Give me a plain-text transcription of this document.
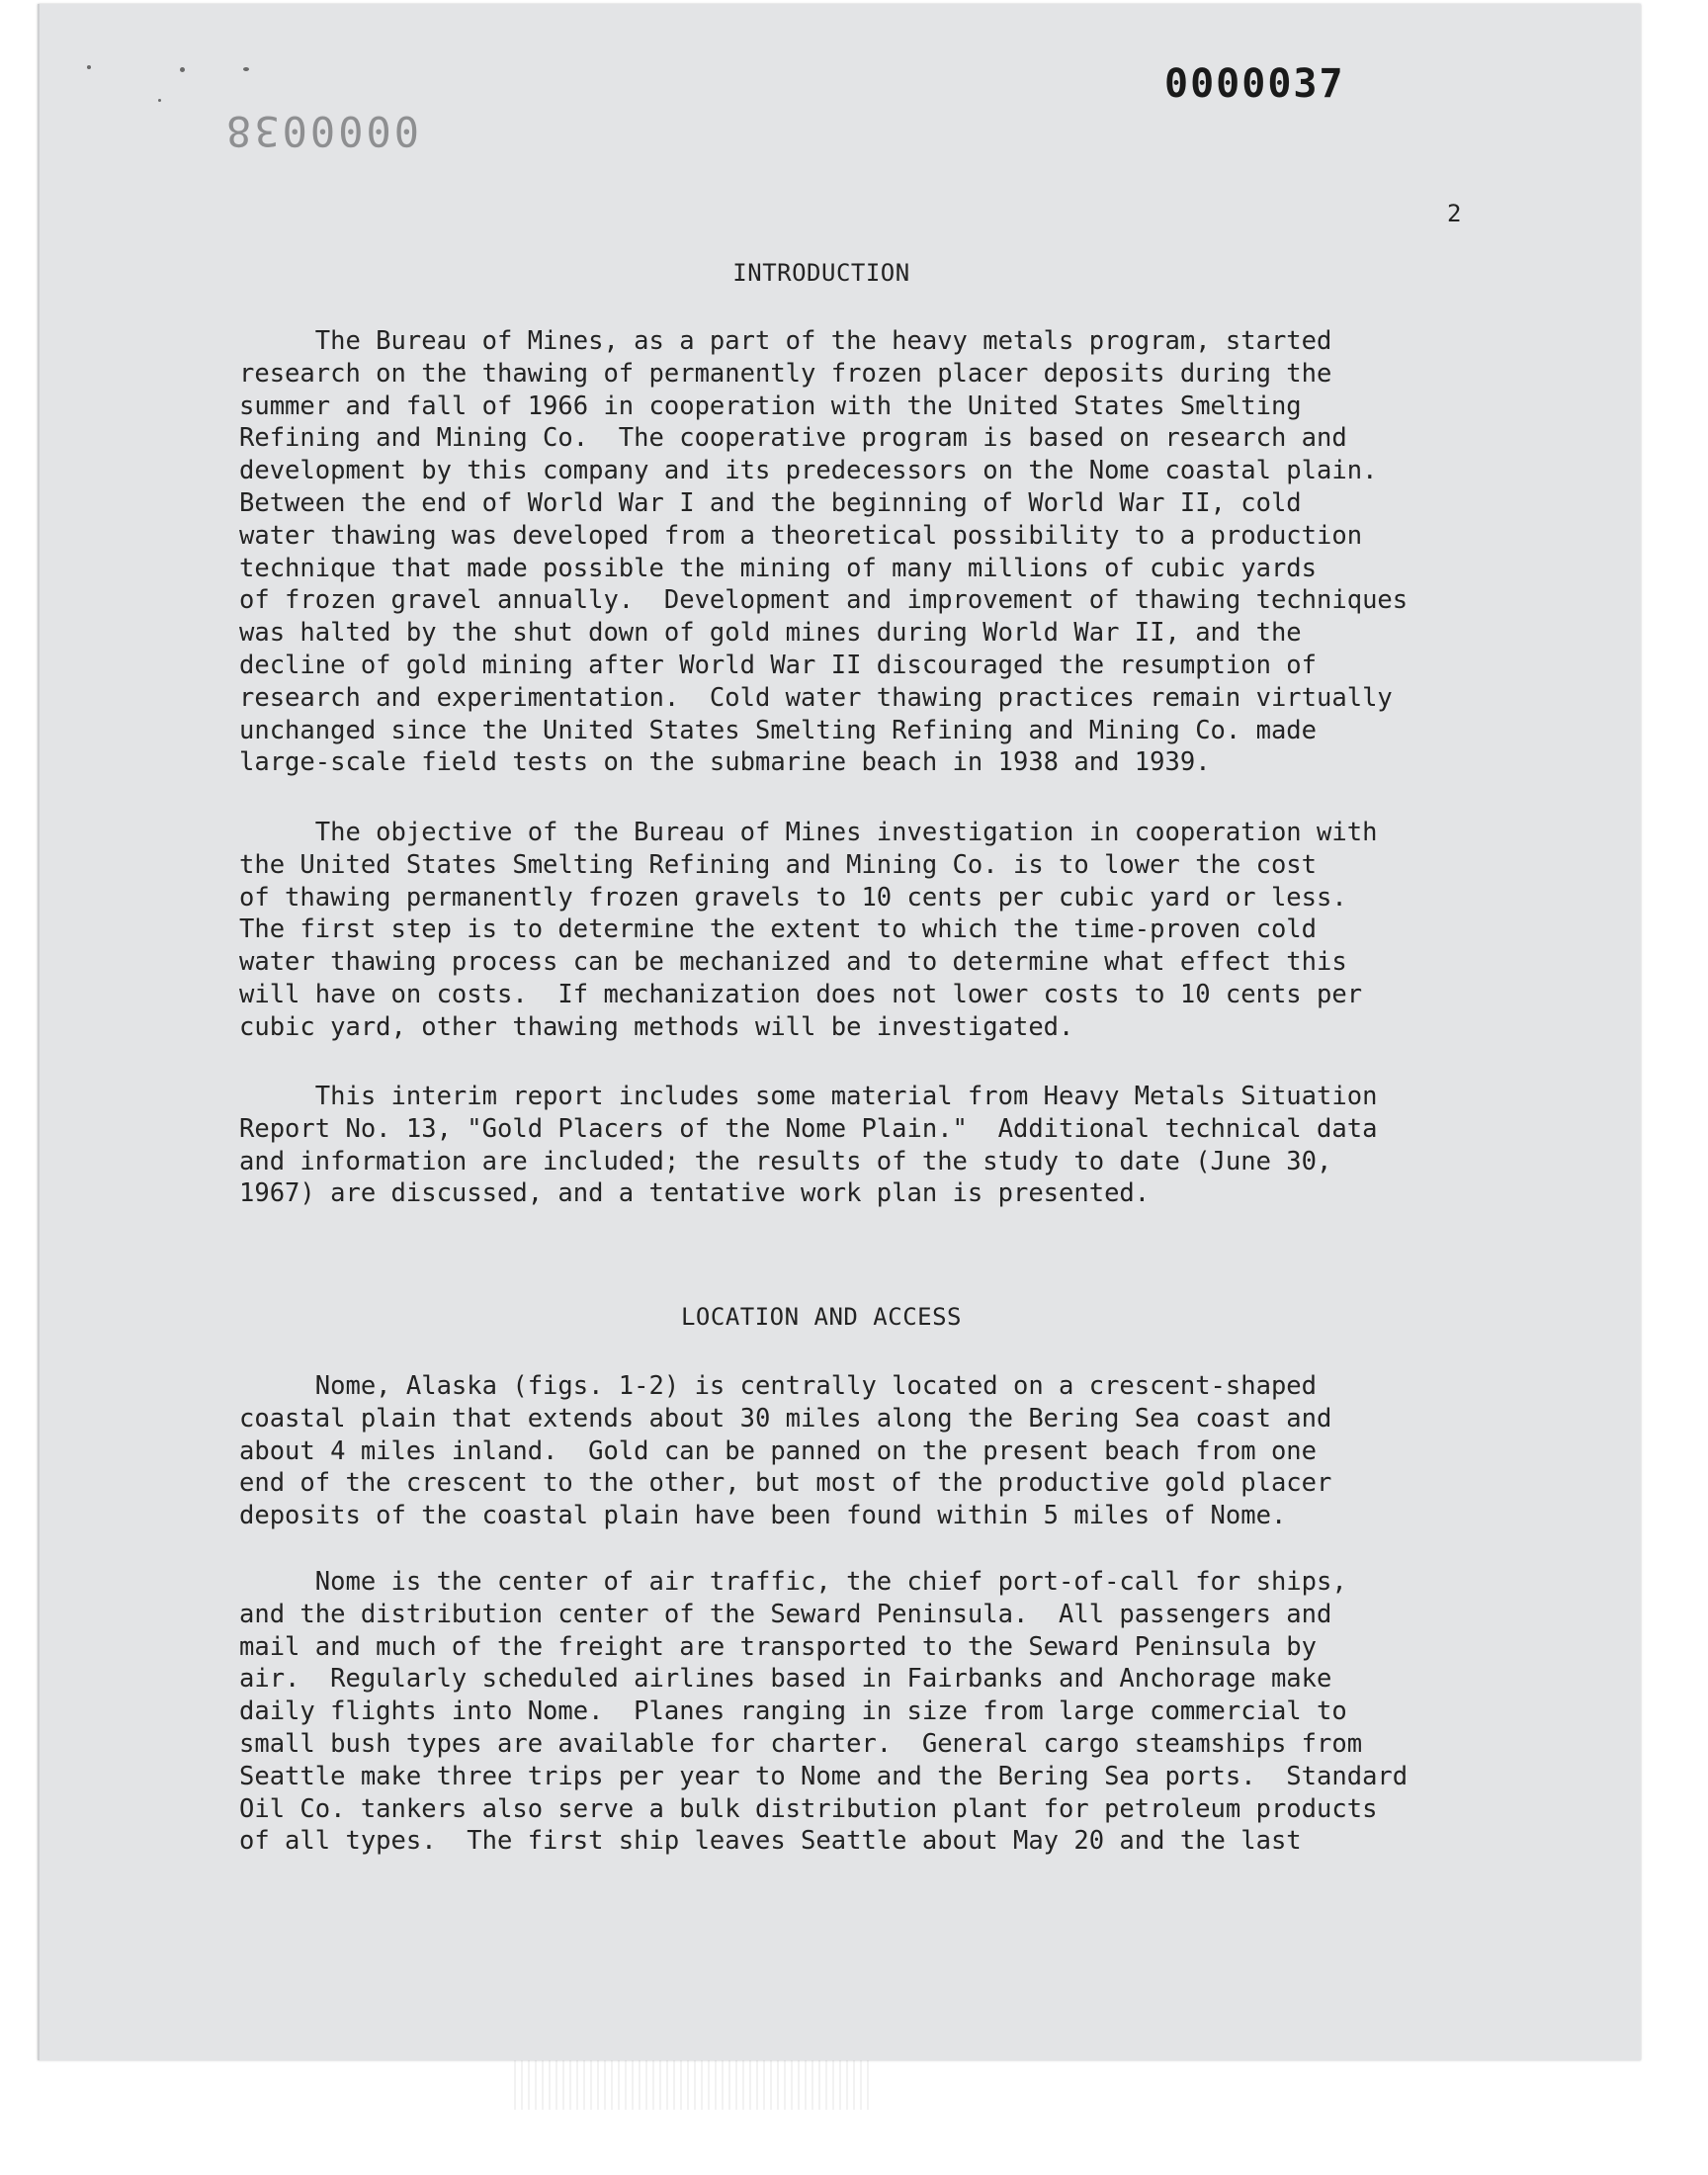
0000037
0000038
2
INTRODUCTION

The Bureau of Mines, as a part of the heavy metals program, started
research on the thawing of permanently frozen placer deposits during the
summer and fall of 1966 in cooperation with the United States Smelting
Refining and Mining Co.  The cooperative program is based on research and
development by this company and its predecessors on the Nome coastal plain.
Between the end of World War I and the beginning of World War II, cold
water thawing was developed from a theoretical possibility to a production
technique that made possible the mining of many millions of cubic yards
of frozen gravel annually.  Development and improvement of thawing techniques
was halted by the shut down of gold mines during World War II, and the
decline of gold mining after World War II discouraged the resumption of
research and experimentation.  Cold water thawing practices remain virtually
unchanged since the United States Smelting Refining and Mining Co. made
large-scale field tests on the submarine beach in 1938 and 1939.

The objective of the Bureau of Mines investigation in cooperation with
the United States Smelting Refining and Mining Co. is to lower the cost
of thawing permanently frozen gravels to 10 cents per cubic yard or less.
The first step is to determine the extent to which the time-proven cold
water thawing process can be mechanized and to determine what effect this
will have on costs.  If mechanization does not lower costs to 10 cents per
cubic yard, other thawing methods will be investigated.

This interim report includes some material from Heavy Metals Situation
Report No. 13, "Gold Placers of the Nome Plain."  Additional technical data
and information are included; the results of the study to date (June 30,
1967) are discussed, and a tentative work plan is presented.

LOCATION AND ACCESS

Nome, Alaska (figs. 1-2) is centrally located on a crescent-shaped
coastal plain that extends about 30 miles along the Bering Sea coast and
about 4 miles inland.  Gold can be panned on the present beach from one
end of the crescent to the other, but most of the productive gold placer
deposits of the coastal plain have been found within 5 miles of Nome.

Nome is the center of air traffic, the chief port-of-call for ships,
and the distribution center of the Seward Peninsula.  All passengers and
mail and much of the freight are transported to the Seward Peninsula by
air.  Regularly scheduled airlines based in Fairbanks and Anchorage make
daily flights into Nome.  Planes ranging in size from large commercial to
small bush types are available for charter.  General cargo steamships from
Seattle make three trips per year to Nome and the Bering Sea ports.  Standard
Oil Co. tankers also serve a bulk distribution plant for petroleum products
of all types.  The first ship leaves Seattle about May 20 and the last
